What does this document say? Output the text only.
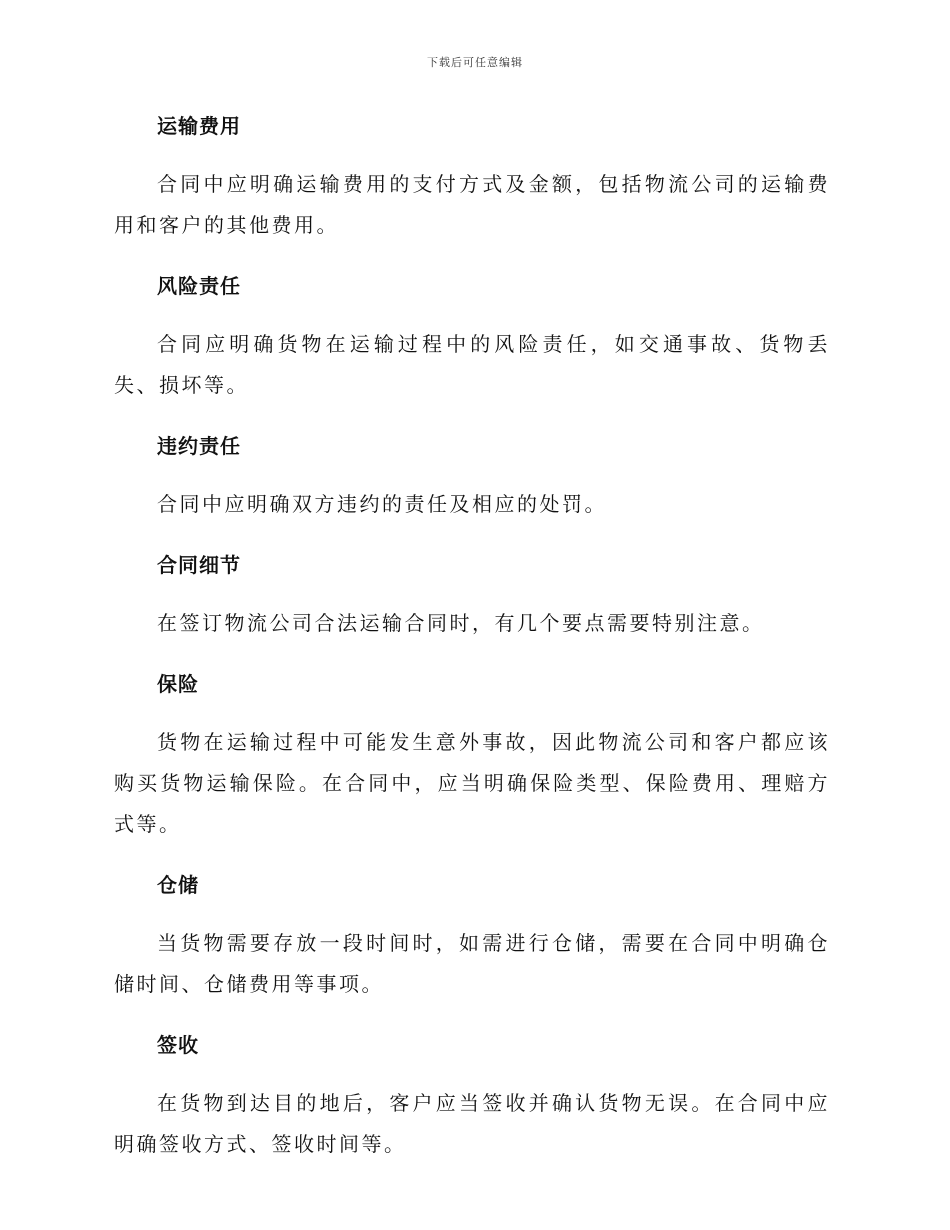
下载后可任意编辑
运输费用

合同中应明确运输费用的支付方式及金额，包括物流公司的运输费用和客户的其他费用。

风险责任

合同应明确货物在运输过程中的风险责任，如交通事故、货物丢失、损坏等。

违约责任

合同中应明确双方违约的责任及相应的处罚。

合同细节

在签订物流公司合法运输合同时，有几个要点需要特别注意。

保险

货物在运输过程中可能发生意外事故，因此物流公司和客户都应该购买货物运输保险。在合同中，应当明确保险类型、保险费用、理赔方式等。

仓储

当货物需要存放一段时间时，如需进行仓储，需要在合同中明确仓储时间、仓储费用等事项。

签收

在货物到达目的地后，客户应当签收并确认货物无误。在合同中应明确签收方式、签收时间等。
